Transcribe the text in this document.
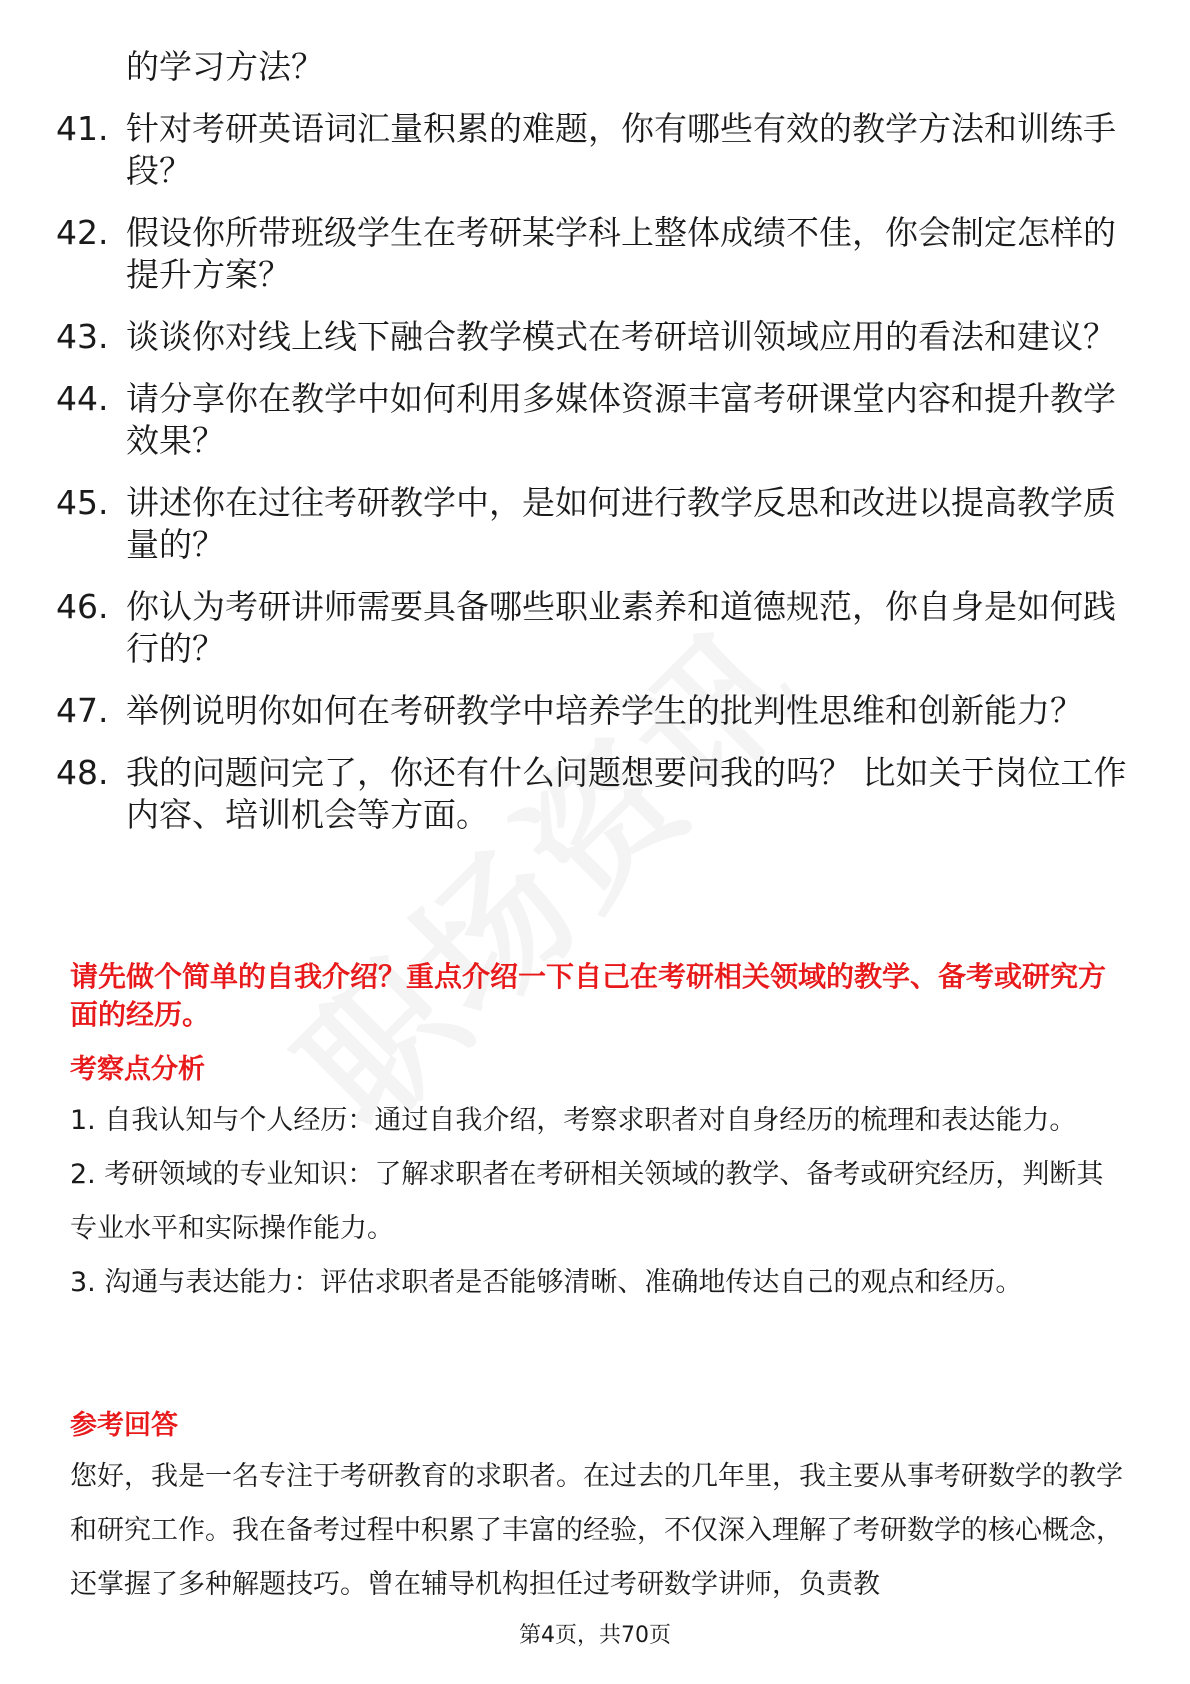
的学习方法？
41. 针对考研英语词汇量积累的难题，你有哪些有效的教学方法和训练手段？
42. 假设你所带班级学生在考研某学科上整体成绩不佳，你会制定怎样的提升方案？
43. 谈谈你对线上线下融合教学模式在考研培训领域应用的看法和建议？
44. 请分享你在教学中如何利用多媒体资源丰富考研课堂内容和提升教学效果？
45. 讲述你在过往考研教学中，是如何进行教学反思和改进以提高教学质量的？
46. 你认为考研讲师需要具备哪些职业素养和道德规范，你自身是如何践行的？
47. 举例说明你如何在考研教学中培养学生的批判性思维和创新能力？
48. 我的问题问完了，你还有什么问题想要问我的吗？ 比如关于岗位工作内容、培训机会等方面。
请先做个简单的自我介绍？重点介绍一下自己在考研相关领域的教学、备考或研究方面的经历。
考察点分析
1. 自我认知与个人经历：通过自我介绍，考察求职者对自身经历的梳理和表达能力。
2. 考研领域的专业知识：了解求职者在考研相关领域的教学、备考或研究经历，判断其专业水平和实际操作能力。
3. 沟通与表达能力：评估求职者是否能够清晰、准确地传达自己的观点和经历。
参考回答
您好，我是一名专注于考研教育的求职者。在过去的几年里，我主要从事考研数学的教学和研究工作。我在备考过程中积累了丰富的经验，不仅深入理解了考研数学的核心概念，还掌握了多种解题技巧。曾在辅导机构担任过考研数学讲师，负责教
第4页，共70页
